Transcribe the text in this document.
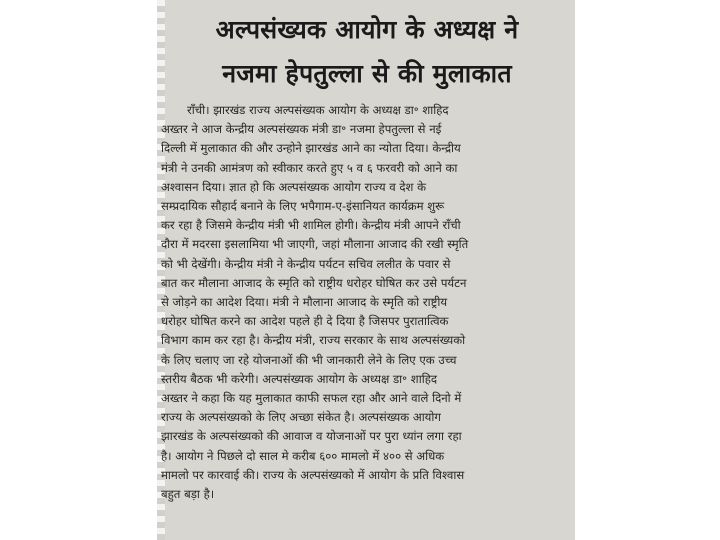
अल्पसंख्यक आयोग के अध्यक्ष ने
नजमा हेपतुल्ला से की मुलाकात
राँची। झारखंड राज्य अल्पसंख्यक आयोग के अध्यक्ष डा॰ शाहिद
अख्तर ने आज केन्द्रीय अल्पसंख्यक मंत्री डा॰ नजमा हेपतुल्ला से नई
दिल्ली में मुलाकात की और उन्होने झारखंड आने का न्योता दिया। केन्द्रीय
मंत्री ने उनकी आमंत्रण को स्वीकार करते हुए ५ व ६ फरवरी को आने का
अश्वासन दिया। ज्ञात हो कि अल्पसंख्यक आयोग राज्य व देश के
सम्प्रदायिक सौहार्द बनाने के लिए भपैगाम-ए-इंसानियत कार्यक्रम शुरू
कर रहा है जिसमे केन्द्रीय मंत्री भी शामिल होगी। केन्द्रीय मंत्री आपने राँची
दौरा में मदरसा इसलामिया भी जाएगी, जहां मौलाना आजाद की रखी स्मृति
को भी देखेंगी। केन्द्रीय मंत्री ने केन्द्रीय पर्यटन सचिव ललीत के पवार से
बात कर मौलाना आजाद के स्मृति को राष्ट्रीय धरोहर घोषित कर उसे पर्यटन
से जोड़ने का आदेश दिया। मंत्री ने मौलाना आजाद के स्मृति को राष्ट्रीय
धरोहर घोषित करने का आदेश पहले ही दे दिया है जिसपर पुरातात्विक
विभाग काम कर रहा है। केन्द्रीय मंत्री, राज्य सरकार के साथ अल्पसंख्यको
के लिए चलाए जा रहे योजनाओं की भी जानकारी लेने के लिए एक उच्च
स्तरीय बैठक भी करेगी। अल्पसंख्यक आयोग के अध्यक्ष डा॰ शाहिद
अख्तर ने कहा कि यह मुलाकात काफी सफल रहा और आने वाले दिनो में
राज्य के अल्पसंख्यको के लिए अच्छा संकेत है। अल्पसंख्यक आयोग
झारखंड के अल्पसंख्यको की आवाज व योजनाओं पर पुरा ध्यांन लगा रहा
है। आयोग ने पिछले दो साल मे करीब ६०० मामलो में ४०० से अधिक
मामलो पर कारवाई की। राज्य के अल्पसंख्यको में आयोग के प्रति विश्वास
बहुत बड़ा है।
